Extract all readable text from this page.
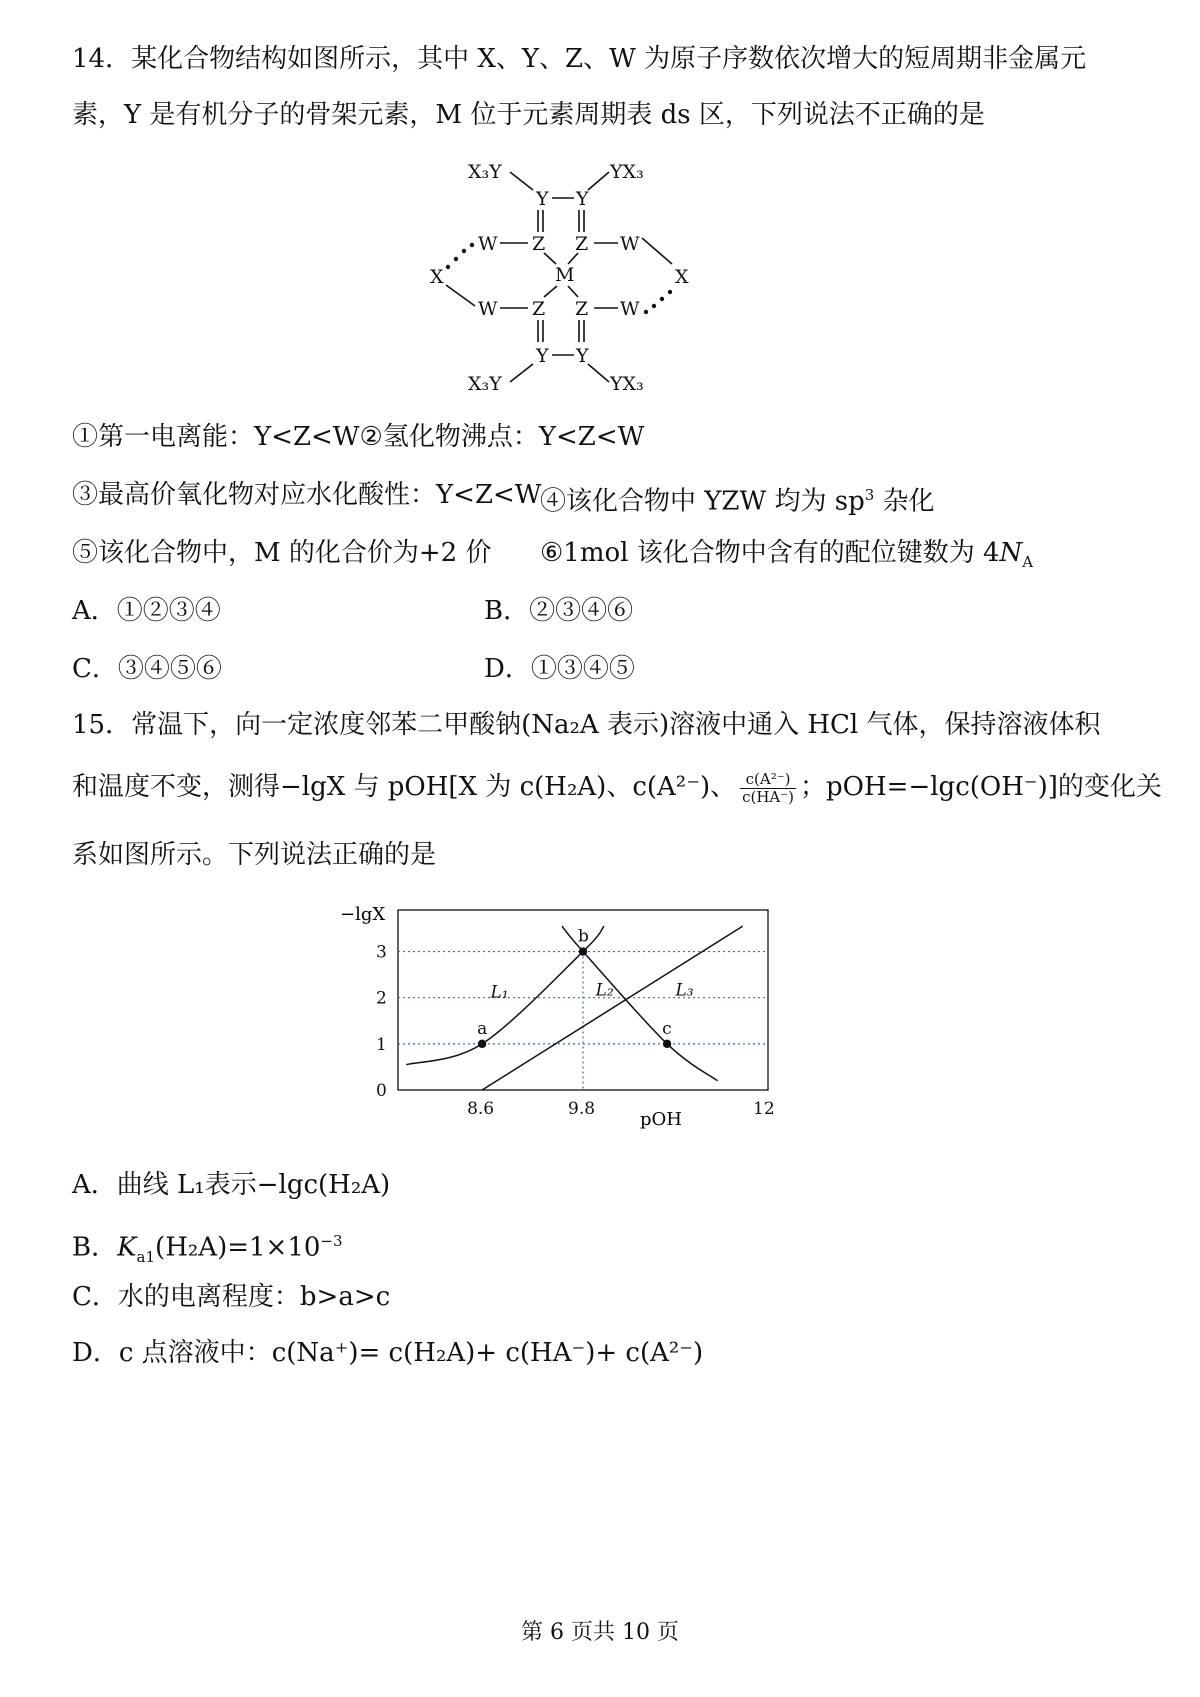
14．某化合物结构如图所示，其中 X、Y、Z、W 为原子序数依次增大的短周期非金属元
素，Y 是有机分子的骨架元素，M 位于元素周期表 ds 区，下列说法不正确的是
X₃Y	YX₃
Y Y
Z Z
W	W
M
X	X
W	W
Z Z
Y Y
X₃Y	YX₃
①第一电离能：Y<Z<W②氢化物沸点：Y<Z<W
③最高价氧化物对应水化酸性：Y<Z<W
④该化合物中 YZW 均为 $sp^3$ 杂化
⑤该化合物中，M 的化合价为+2 价 ⑥1mol 该化合物中含有的配位键数为 $4N_A$
A．①②③④	B．②③④⑥
C．③④⑤⑥	D．①③④⑤
15．常温下，向一定浓度邻苯二甲酸钠(Na₂A 表示)溶液中通入 HCl 气体，保持溶液体积
和温度不变，测得−lgX 与 pOH[X 为 c(H₂A)、c(A²⁻)、 $\frac{\text{c(A²⁻)}}{c(HA^-)}$ ；pOH=−lgc(OH⁻)]的变化关
系如图所示。下列说法正确的是
L₁	L₂	L₃
a
b
c
0
1
2
3
8.6	9.8	12
−lgX
pOH
A．曲线 L₁表示−lgc(H₂A)
B．$K_{a1}(H_2A)=1\times 10^{-3}$
C．水的电离程度：b>a>c
D．c 点溶液中：c(Na⁺)= c(H₂A)+ c(HA⁻)+ c(A²⁻)
第 6 页共 10 页
